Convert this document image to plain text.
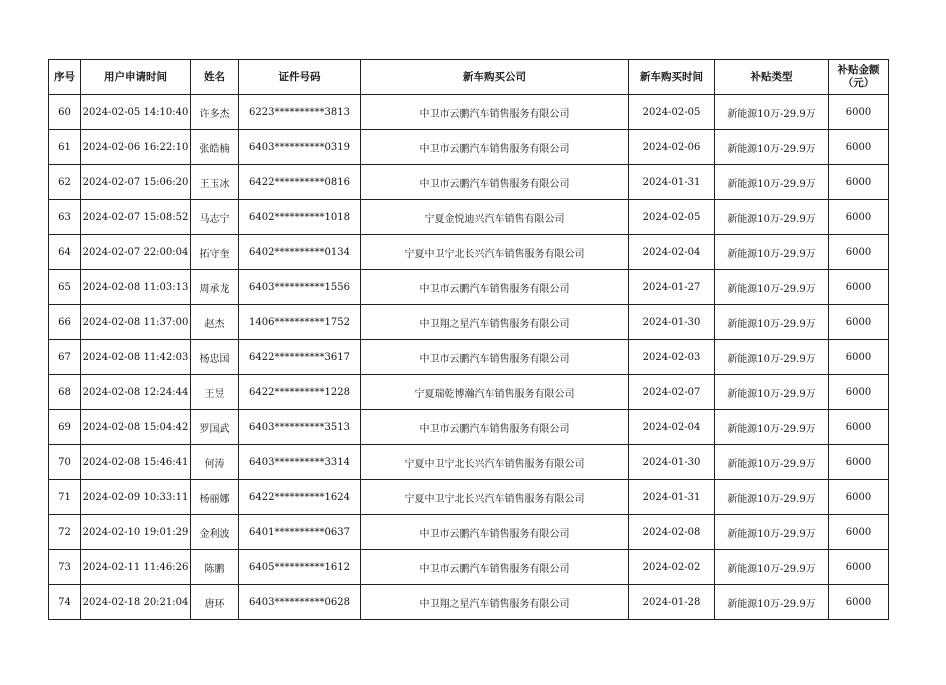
序号	用户申请时间	姓名	证件号码	新车购买公司	新车购买时间	补贴类型	补贴金额（元）
60	2024-02-05 14:10:40	许多杰	6223**********3813	中卫市云鹏汽车销售服务有限公司	2024-02-05	新能源10万-29.9万	6000
61	2024-02-06 16:22:10	张皓楠	6403**********0319	中卫市云鹏汽车销售服务有限公司	2024-02-06	新能源10万-29.9万	6000
62	2024-02-07 15:06:20	王玉冰	6422**********0816	中卫市云鹏汽车销售服务有限公司	2024-01-31	新能源10万-29.9万	6000
63	2024-02-07 15:08:52	马志宁	6402**********1018	宁夏金悦迪兴汽车销售有限公司	2024-02-05	新能源10万-29.9万	6000
64	2024-02-07 22:00:04	拓守奎	6402**********0134	宁夏中卫宁北长兴汽车销售服务有限公司	2024-02-04	新能源10万-29.9万	6000
65	2024-02-08 11:03:13	周承龙	6403**********1556	中卫市云鹏汽车销售服务有限公司	2024-01-27	新能源10万-29.9万	6000
66	2024-02-08 11:37:00	赵杰	1406**********1752	中卫翔之星汽车销售服务有限公司	2024-01-30	新能源10万-29.9万	6000
67	2024-02-08 11:42:03	杨忠国	6422**********3617	中卫市云鹏汽车销售服务有限公司	2024-02-03	新能源10万-29.9万	6000
68	2024-02-08 12:24:44	王昱	6422**********1228	宁夏瑞乾博瀚汽车销售服务有限公司	2024-02-07	新能源10万-29.9万	6000
69	2024-02-08 15:04:42	罗国武	6403**********3513	中卫市云鹏汽车销售服务有限公司	2024-02-04	新能源10万-29.9万	6000
70	2024-02-08 15:46:41	何涛	6403**********3314	宁夏中卫宁北长兴汽车销售服务有限公司	2024-01-30	新能源10万-29.9万	6000
71	2024-02-09 10:33:11	杨丽娜	6422**********1624	宁夏中卫宁北长兴汽车销售服务有限公司	2024-01-31	新能源10万-29.9万	6000
72	2024-02-10 19:01:29	金利波	6401**********0637	中卫市云鹏汽车销售服务有限公司	2024-02-08	新能源10万-29.9万	6000
73	2024-02-11 11:46:26	陈鹏	6405**********1612	中卫市云鹏汽车销售服务有限公司	2024-02-02	新能源10万-29.9万	6000
74	2024-02-18 20:21:04	唐环	6403**********0628	中卫翔之星汽车销售服务有限公司	2024-01-28	新能源10万-29.9万	6000
